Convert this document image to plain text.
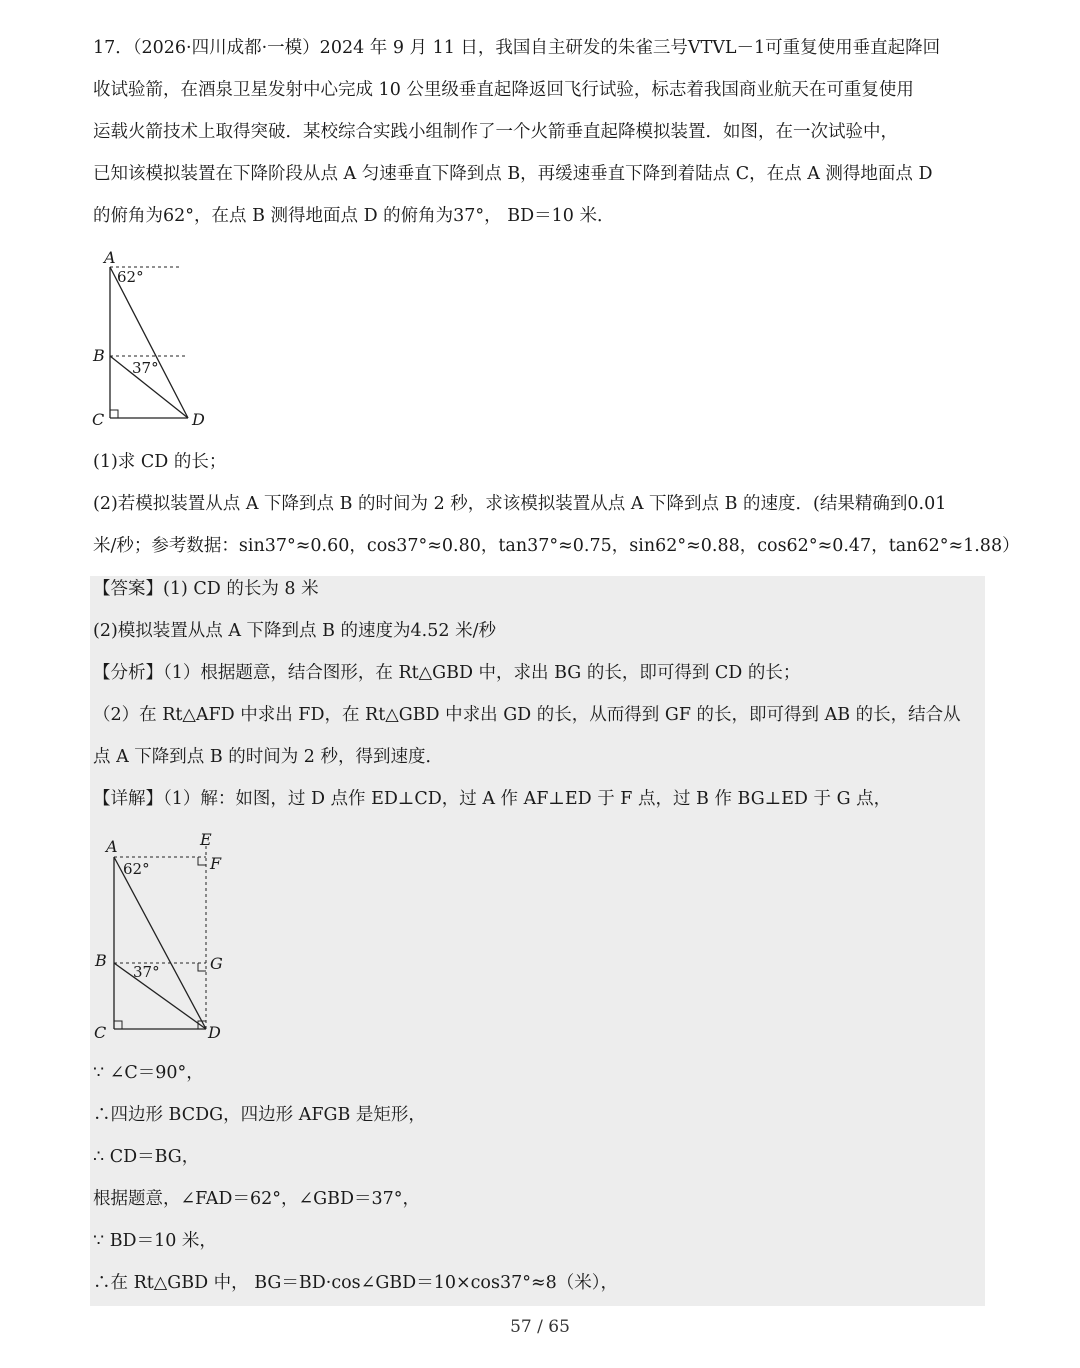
17．（2026·四川成都·一模）2024 年 9 月 11 日，我国自主研发的朱雀三号VTVL－1可重复使用垂直起降回
收试验箭，在酒泉卫星发射中心完成 10 公里级垂直起降返回飞行试验，标志着我国商业航天在可重复使用
运载火箭技术上取得突破．某校综合实践小组制作了一个火箭垂直起降模拟装置．如图，在一次试验中，
已知该模拟装置在下降阶段从点 A 匀速垂直下降到点 B，再缓速垂直下降到着陆点 C，在点 A 测得地面点 D
的俯角为62°，在点 B 测得地面点 D 的俯角为37°， BD＝10 米．
A
62°
B
37°
C	D
(1)求 CD 的长；
(2)若模拟装置从点 A 下降到点 B 的时间为 2 秒，求该模拟装置从点 A 下降到点 B 的速度．(结果精确到0.01
米/秒；参考数据：sin37°≈0.60，cos37°≈0.80，tan37°≈0.75，sin62°≈0.88，cos62°≈0.47，tan62°≈1.88）
【答案】(1) CD 的长为 8 米
(2)模拟装置从点 A 下降到点 B 的速度为4.52 米/秒
【分析】（1）根据题意，结合图形，在 Rt△GBD 中，求出 BG 的长，即可得到 CD 的长；
（2）在 Rt△AFD 中求出 FD，在 Rt△GBD 中求出 GD 的长，从而得到 GF 的长，即可得到 AB 的长，结合从
点 A 下降到点 B 的时间为 2 秒，得到速度．
【详解】（1）解：如图，过 D 点作 ED⊥CD，过 A 作 AF⊥ED 于 F 点，过 B 作 BG⊥ED 于 G 点，
A	E
F
62°
B
37°	G
C	D
∵ ∠C＝90°，
∴四边形 BCDG，四边形 AFGB 是矩形，
∴ CD＝BG，
根据题意，∠FAD＝62°，∠GBD＝37°，
∵ BD＝10 米，
∴在 Rt△GBD 中， BG＝BD·cos∠GBD＝10×cos37°≈8（米），
57 / 65
